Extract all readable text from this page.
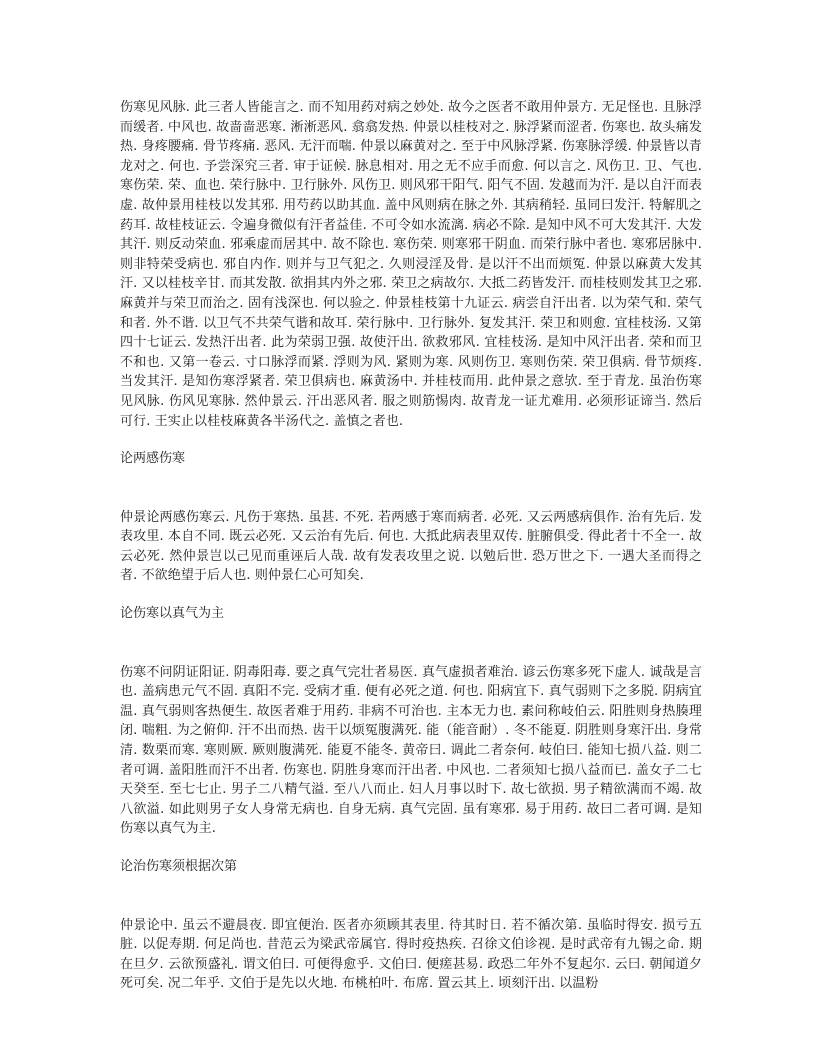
伤寒见风脉. 此三者人皆能言之. 而不知用药对病之妙处. 故今之医者不敢用仲景方. 无足怪也. 且脉浮而缓者. 中风也. 故啬啬恶寒. 淅淅恶风. 翕翕发热. 仲景以桂枝对之. 脉浮紧而涩者. 伤寒也. 故头痛发热. 身疼腰痛. 骨节疼痛. 恶风. 无汗而喘. 仲景以麻黄对之. 至于中风脉浮紧. 伤寒脉浮缓. 仲景皆以青龙对之. 何也. 予尝深究三者. 审于证候. 脉息相对. 用之无不应手而愈. 何以言之. 风伤卫. 卫、气也. 寒伤荣. 荣、血也. 荣行脉中. 卫行脉外. 风伤卫. 则风邪干阳气. 阳气不固. 发越而为汗. 是以自汗而表虚. 故仲景用桂枝以发其邪. 用芍药以助其血. 盖中风则病在脉之外. 其病稍轻. 虽同曰发汗. 特解肌之药耳. 故桂枝证云. 令遍身微似有汗者益佳. 不可令如水流漓. 病必不除. 是知中风不可大发其汗. 大发其汗. 则反动荣血. 邪乘虚而居其中. 故不除也. 寒伤荣. 则寒邪干阴血. 而荣行脉中者也. 寒邪居脉中. 则非特荣受病也. 邪自内作. 则并与卫气犯之. 久则浸淫及骨. 是以汗不出而烦冤. 仲景以麻黄大发其汗. 又以桂枝辛甘. 而其发散. 欲捐其内外之邪. 荣卫之病故尔. 大抵二药皆发汗. 而桂枝则发其卫之邪. 麻黄并与荣卫而治之. 固有浅深也. 何以验之. 仲景桂枝第十九证云. 病尝自汗出者. 以为荣气和. 荣气和者. 外不谐. 以卫气不共荣气谐和故耳. 荣行脉中. 卫行脉外. 复发其汗. 荣卫和则愈. 宜桂枝汤. 又第四十七证云. 发热汗出者. 此为荣弱卫强. 故使汗出. 欲救邪风. 宜桂枝汤. 是知中风汗出者. 荣和而卫不和也. 又第一卷云. 寸口脉浮而紧. 浮则为风. 紧则为寒. 风则伤卫. 寒则伤荣. 荣卫俱病. 骨节烦疼. 当发其汗. 是知伤寒浮紧者. 荣卫俱病也. 麻黄汤中. 并桂枝而用. 此仲景之意欤. 至于青龙. 虽治伤寒见风脉. 伤风见寒脉. 然仲景云. 汗出恶风者. 服之则筋惕肉. 故青龙一证尤难用. 必须形证谛当. 然后可行. 王实止以桂枝麻黄各半汤代之. 盖慎之者也.

论两感伤寒

仲景论两感伤寒云. 凡伤于寒热. 虽甚. 不死. 若两感于寒而病者. 必死. 又云两感病俱作. 治有先后. 发表攻里. 本自不同. 既云必死. 又云治有先后. 何也. 大抵此病表里双传. 脏腑俱受. 得此者十不全一. 故云必死. 然仲景岂以己见而重诬后人哉. 故有发表攻里之说. 以勉后世. 恐万世之下. 一遇大圣而得之者. 不欲绝望于后人也. 则仲景仁心可知矣.

论伤寒以真气为主

伤寒不问阴证阳证. 阴毒阳毒. 要之真气完壮者易医. 真气虚损者难治. 谚云伤寒多死下虚人. 诚哉是言也. 盖病患元气不固. 真阳不完. 受病才重. 便有必死之道. 何也. 阳病宜下. 真气弱则下之多脱. 阴病宜温. 真气弱则客热便生. 故医者难于用药. 非病不可治也. 主本无力也. 素问称岐伯云. 阳胜则身热腠理闭. 喘粗. 为之俯仰. 汗不出而热. 齿干以烦冤腹满死. 能（能音耐）. 冬不能夏. 阴胜则身寒汗出. 身常清. 数栗而寒. 寒则厥. 厥则腹满死. 能夏不能冬. 黄帝曰. 调此二者奈何. 岐伯曰. 能知七损八益. 则二者可调. 盖阳胜而汗不出者. 伤寒也. 阴胜身寒而汗出者. 中风也. 二者须知七损八益而已. 盖女子二七天癸至. 至七七止. 男子二八精气溢. 至八八而止. 妇人月事以时下. 故七欲损. 男子精欲满而不竭. 故八欲溢. 如此则男子女人身常无病也. 自身无病. 真气完固. 虽有寒邪. 易于用药. 故曰二者可调. 是知伤寒以真气为主.

论治伤寒须根据次第

仲景论中. 虽云不避晨夜. 即宜便治. 医者亦须顾其表里. 待其时日. 若不循次第. 虽临时得安. 损亏五脏. 以促寿期. 何足尚也. 昔范云为梁武帝属官. 得时疫热疾. 召徐文伯诊视. 是时武帝有九锡之命. 期在旦夕. 云欲预盛礼. 谓文伯曰. 可便得愈乎. 文伯曰. 便瘥甚易. 政恐二年外不复起尔. 云曰. 朝闻道夕死可矣. 况二年乎. 文伯于是先以火地. 布桃柏叶. 布席. 置云其上. 顷刻汗出. 以温粉
